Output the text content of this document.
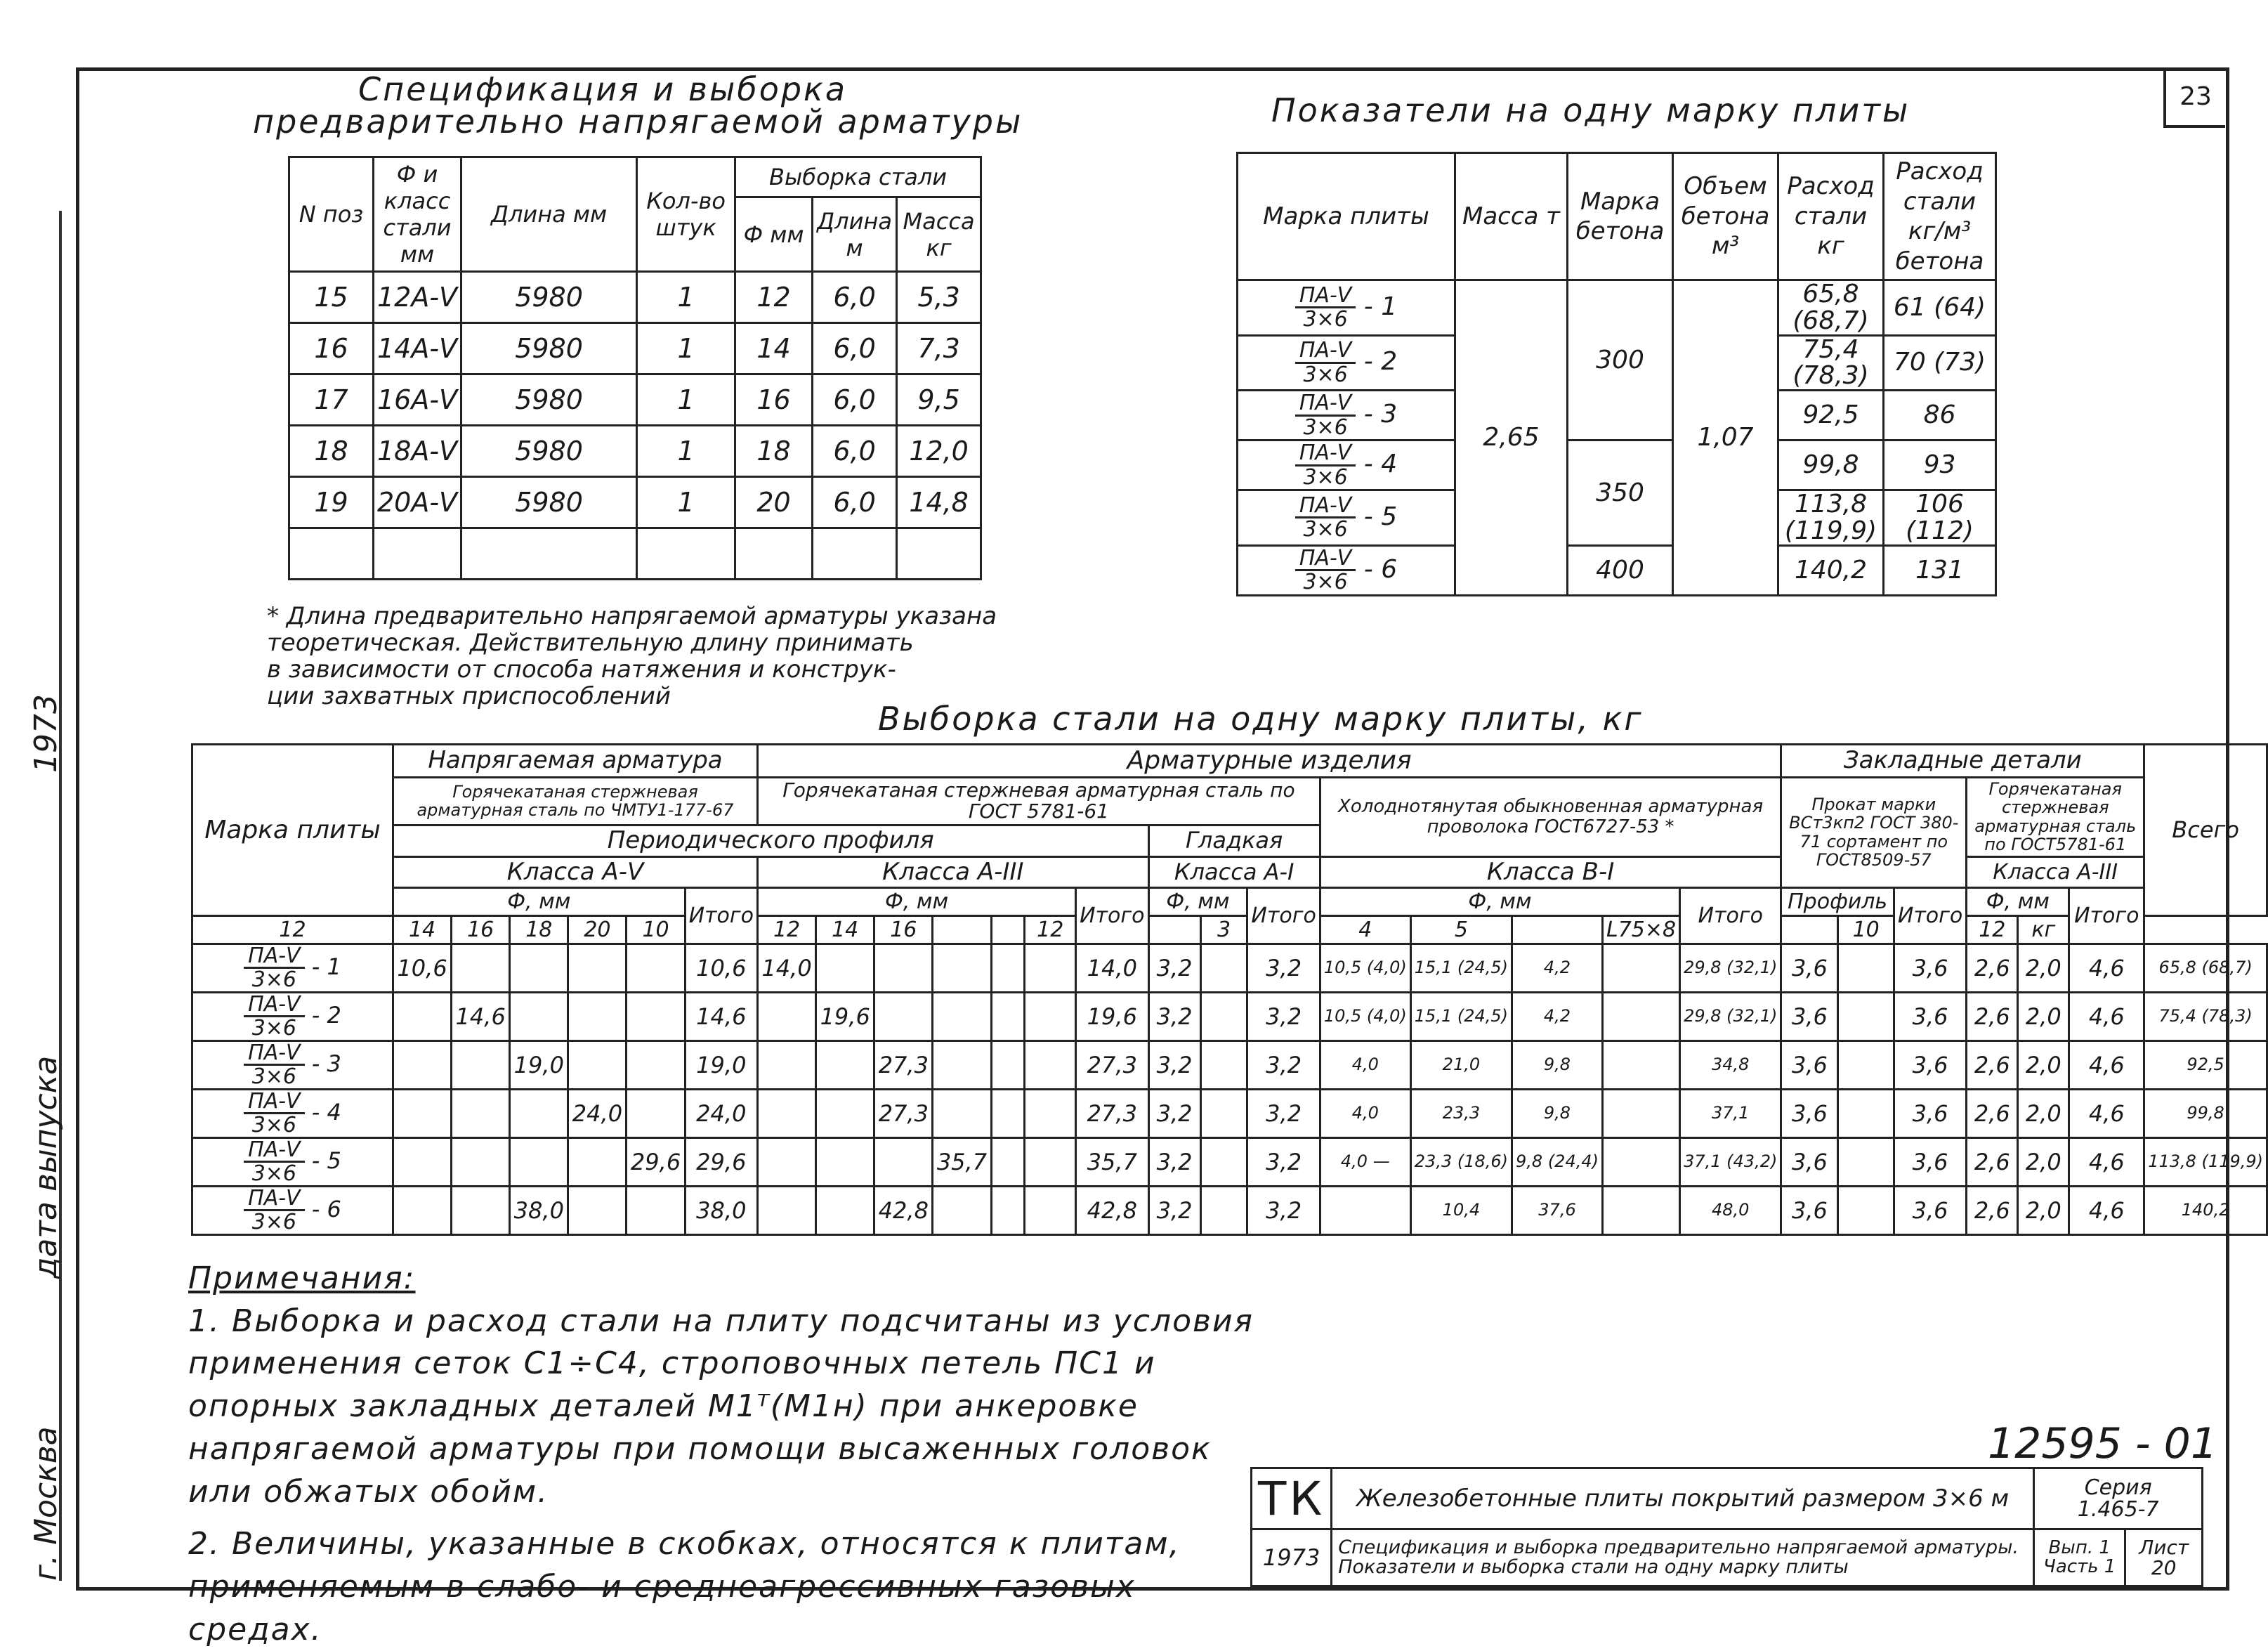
23
1973
дата выпуска
г. Москва
Спецификация и выборка
предварительно напрягаемой арматуры
N поз	Ф и класс стали мм	Длина мм	Кол-во штук	Выборка стали		
				Ф мм	Длина м	Масса кг
15	12А-V	5980	1	12	6,0	5,3
16	14А-V	5980	1	14	6,0	7,3
17	16А-V	5980	1	16	6,0	9,5
18	18А-V	5980	1	18	6,0	12,0
19	20А-V	5980	1	20	6,0	14,8

* Длина предварительно напрягаемой арматуры указана
теоретическая. Действительную длину принимать
в зависимости от способа натяжения и конструк-
ции захватных приспособлений
Показатели на одну марку плиты
Марка плиты	Масса т	Марка бетона	Объем бетона м³	Расход стали кг	Расход стали кг/м³ бетона

ПА-V
3×6 - 1	2,65	300	1,07	65,8 (68,7)	61 (64)

ПА-V
3×6 - 2				75,4 (78,3)	70 (73)

ПА-V
3×6 - 3				92,5	86

ПА-V
3×6 - 4		350		99,8	93

ПА-V
3×6 - 5				113,8 (119,9)	106 (112)

ПА-V
3×6 - 6		400		140,2	131
Выборка стали на одну марку плиты, кг
Марка плиты	Напрягаемая арматура						Арматурные изделия															Закладные детали						Всего
	Горячекатаная стержневая арматурная сталь по ЧМТУ1-177-67						Горячекатаная стержневая арматурная сталь по ГОСТ 5781-61										Холоднотянутая обыкновенная арматурная проволока ГОСТ6727-53 *					Прокат марки ВСт3кп2 ГОСТ 380-71 сортамент по ГОСТ8509-57			Горячекатаная стержневая арматурная сталь по ГОСТ5781-61			
	Периодического профиля													Гладкая														
	Класса А-V						Класса А-III							Класса А-I			Класса В-I								Класса А-III			
	Ф, мм					Итого	Ф, мм						Итого	Ф, мм		Итого	Ф, мм				Итого	Профиль		Итого	Ф, мм		Итого	
12	14	16	18	20	10		12	14	16			12			3		4	5		L75×8			10		12	кг		

ПА-V
3×6 - 1	10,6					10,6	14,0						14,0	3,2		3,2	10,5 (4,0)	15,1 (24,5)	4,2		29,8 (32,1)	3,6		3,6	2,6	2,0	4,6	65,8 (68,7)

ПА-V
3×6 - 2		14,6				14,6		19,6					19,6	3,2		3,2	10,5 (4,0)	15,1 (24,5)	4,2		29,8 (32,1)	3,6		3,6	2,6	2,0	4,6	75,4 (78,3)

ПА-V
3×6 - 3			19,0			19,0			27,3				27,3	3,2		3,2	4,0	21,0	9,8		34,8	3,6		3,6	2,6	2,0	4,6	92,5

ПА-V
3×6 - 4				24,0		24,0			27,3				27,3	3,2		3,2	4,0	23,3	9,8		37,1	3,6		3,6	2,6	2,0	4,6	99,8

ПА-V
3×6 - 5					29,6	29,6				35,7			35,7	3,2		3,2	4,0 —	23,3 (18,6)	9,8 (24,4)		37,1 (43,2)	3,6		3,6	2,6	2,0	4,6	113,8 (119,9)

ПА-V
3×6 - 6			38,0			38,0			42,8				42,8	3,2		3,2		10,4	37,6		48,0	3,6		3,6	2,6	2,0	4,6	140,2

Примечания:

1. Выборка и расход стали на плиту подсчитаны из условия применения сеток С1÷С4, строповочных петель ПС1 и опорных закладных деталей М1ᵀ(М1н) при анкеровке напрягаемой арматуры при помощи высаженных головок или обжатых обойм.

2. Величины, указанные в скобках, относятся к плитам, применяемым в слабо- и среднеагрессивных газовых средах.

12595 - 01
ТК	Железобетонные плиты покрытий размером 3×6 м	Серия
1.465-7	
1973	Спецификация и выборка предварительно напрягаемой арматуры. Показатели и выборка стали на одну марку плиты	Вып. 1 Часть 1	Лист
20
